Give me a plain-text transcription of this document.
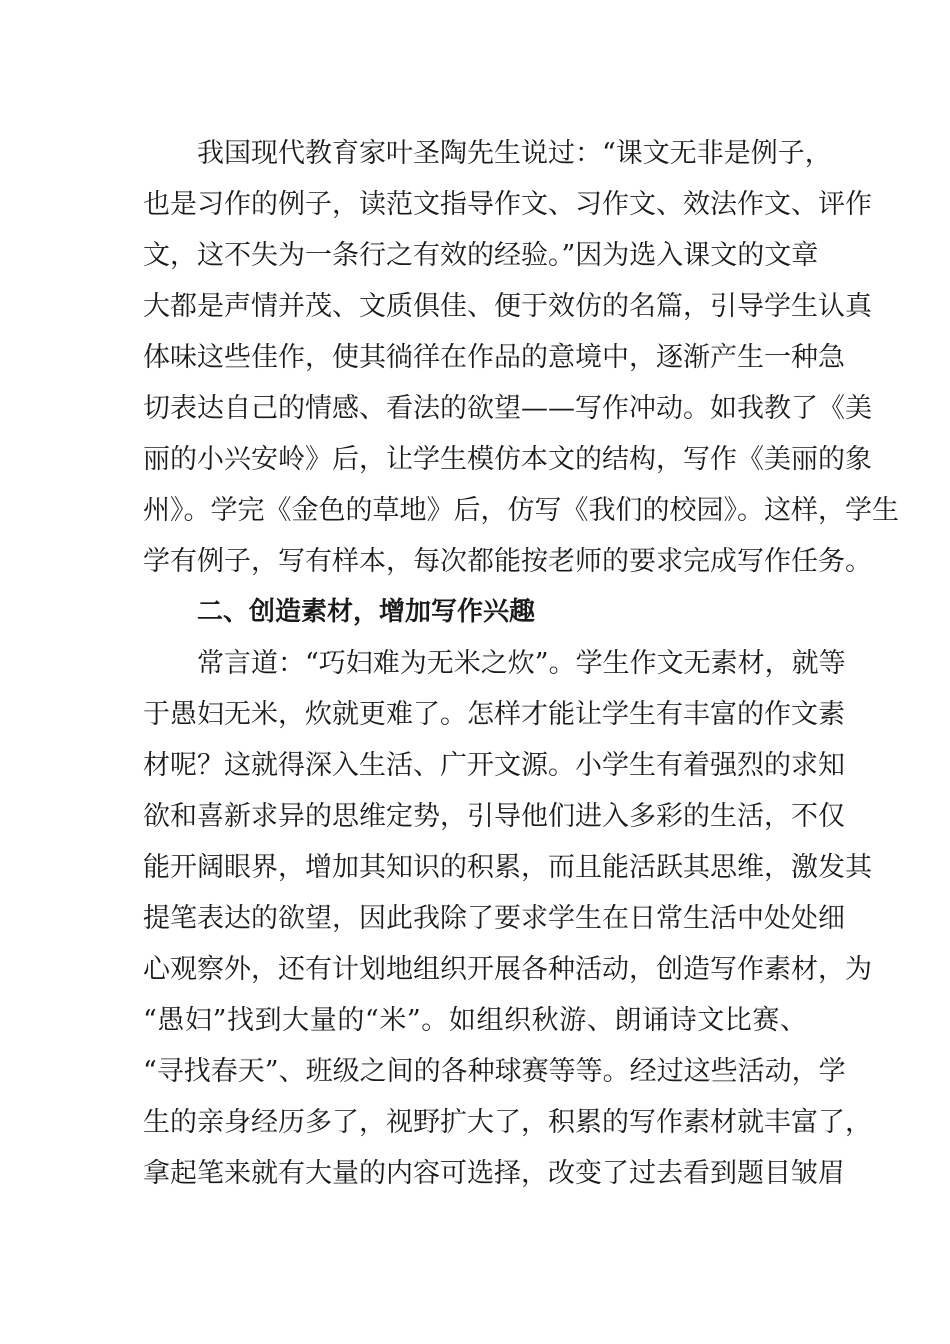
我国现代教育家叶圣陶先生说过：“课文无非是例子，
也是习作的例子，读范文指导作文、习作文、效法作文、评作
文，这不失为一条行之有效的经验。”因为选入课文的文章
大都是声情并茂、文质俱佳、便于效仿的名篇，引导学生认真
体味这些佳作，使其徜徉在作品的意境中，逐渐产生一种急
切表达自己的情感、看法的欲望——写作冲动。如我教了《美
丽的小兴安岭》后，让学生模仿本文的结构，写作《美丽的象
州》。学完《金色的草地》后，仿写《我们的校园》。这样，学生
学有例子，写有样本，每次都能按老师的要求完成写作任务。
二、创造素材，增加写作兴趣
常言道：“巧妇难为无米之炊”。学生作文无素材，就等
于愚妇无米，炊就更难了。怎样才能让学生有丰富的作文素
材呢？这就得深入生活、广开文源。小学生有着强烈的求知
欲和喜新求异的思维定势，引导他们进入多彩的生活，不仅
能开阔眼界，增加其知识的积累，而且能活跃其思维，激发其
提笔表达的欲望，因此我除了要求学生在日常生活中处处细
心观察外，还有计划地组织开展各种活动，创造写作素材，为
“愚妇”找到大量的“米”。如组织秋游、朗诵诗文比赛、
“寻找春天”、班级之间的各种球赛等等。经过这些活动，学
生的亲身经历多了，视野扩大了，积累的写作素材就丰富了，
拿起笔来就有大量的内容可选择，改变了过去看到题目皱眉
